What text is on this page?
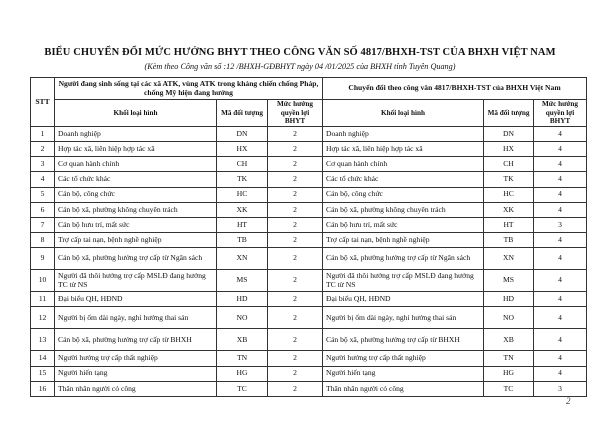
BIỂU CHUYỂN ĐỔI MỨC HƯỞNG BHYT THEO CÔNG VĂN SỐ 4817/BHXH-TST CỦA BHXH VIỆT NAM
(Kèm theo Công văn số :12 /BHXH-GĐBHYT ngày 04 /01/2025 của BHXH tỉnh Tuyên Quang)
STT	Người đang sinh sống tại các xã ATK, vùng ATK trong kháng chiến chống Pháp, chống Mỹ hiện đang hưởng			Chuyển đổi theo công văn 4817/BHXH-TST của BHXH Việt Nam		
	Khối loại hình	Mã đối tượng	Mức hưởng quyền lợi BHYT	Khối loại hình	Mã đối tượng	Mức hưởng quyền lợi BHYT
1	Doanh nghiệp	DN	2	Doanh nghiệp	DN	4
2	Hợp tác xã, liên hiệp hợp tác xã	HX	2	Hợp tác xã, liên hiệp hợp tác xã	HX	4
3	Cơ quan hành chính	CH	2	Cơ quan hành chính	CH	4
4	Các tổ chức khác	TK	2	Các tổ chức khác	TK	4
5	Cán bộ, công chức	HC	2	Cán bộ, công chức	HC	4
6	Cán bộ xã, phường không chuyên trách	XK	2	Cán bộ xã, phường không chuyên trách	XK	4
7	Cán bộ hưu trí, mất sức	HT	2	Cán bộ hưu trí, mất sức	HT	3
8	Trợ cấp tai nạn, bệnh nghề nghiệp	TB	2	Trợ cấp tai nạn, bệnh nghề nghiệp	TB	4
9	Cán bộ xã, phường hưởng trợ cấp từ Ngân sách	XN	2	Cán bộ xã, phường hưởng trợ cấp từ Ngân sách	XN	4
10	Người đã thôi hưởng trợ cấp MSLĐ đang hưởng TC từ NS	MS	2	Người đã thôi hưởng trợ cấp MSLĐ đang hưởng TC từ NS	MS	4
11	Đại biểu QH, HĐND	HD	2	Đại biểu QH, HĐND	HD	4
12	Người bị ốm dài ngày, nghỉ hưởng thai sản	NO	2	Người bị ốm dài ngày, nghỉ hưởng thai sản	NO	4
13	Cán bộ xã, phường hưởng trợ cấp từ BHXH	XB	2	Cán bộ xã, phường hưởng trợ cấp từ BHXH	XB	4
14	Người hưởng trợ cấp thất nghiệp	TN	2	Người hưởng trợ cấp thất nghiệp	TN	4
15	Người hiến tạng	HG	2	Người hiến tạng	HG	4
16	Thân nhân người có công	TC	2	Thân nhân người có công	TC	3
2
